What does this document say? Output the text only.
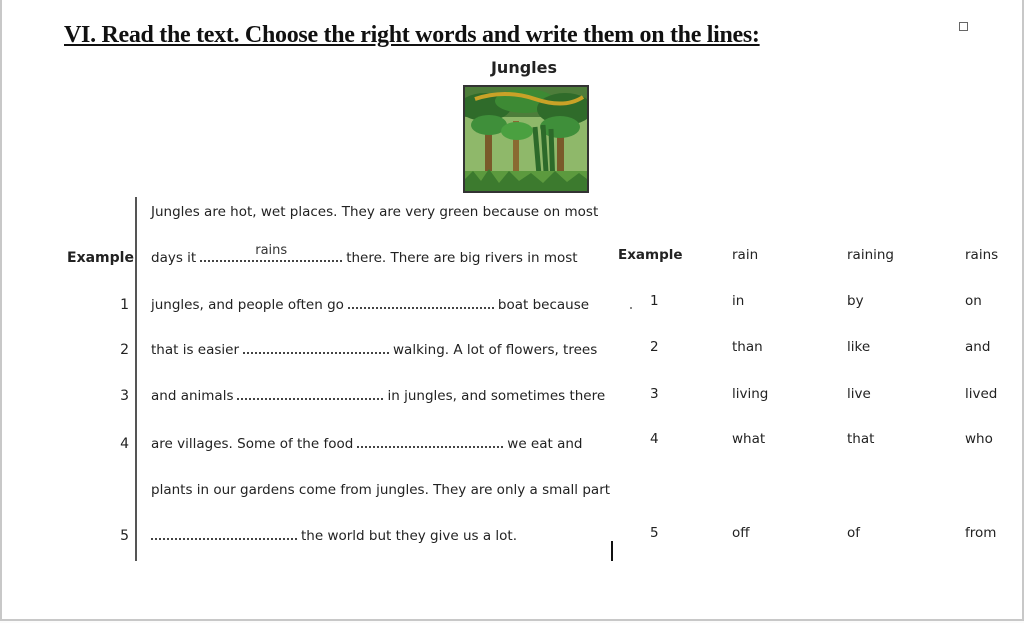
VI. Read the text. Choose the right words and write them on the lines:
Jungles
Jungles are hot, wet places. They are very green because on most
Example days it	rains	there. There are big rivers in most
1 jungles, and people often go	boat because
2 that is easier	walking. A lot of flowers, trees
3 and animals	in jungles, and sometimes there
4 are villages. Some of the food	we eat and
plants in our gardens come from jungles. They are only a small part
5	the world but they give us a lot.
Example	rain	raining	rains
1	in	by	on
2	than	like	and
3	living	live	lived
4	what	that	who
5	off	of	from
